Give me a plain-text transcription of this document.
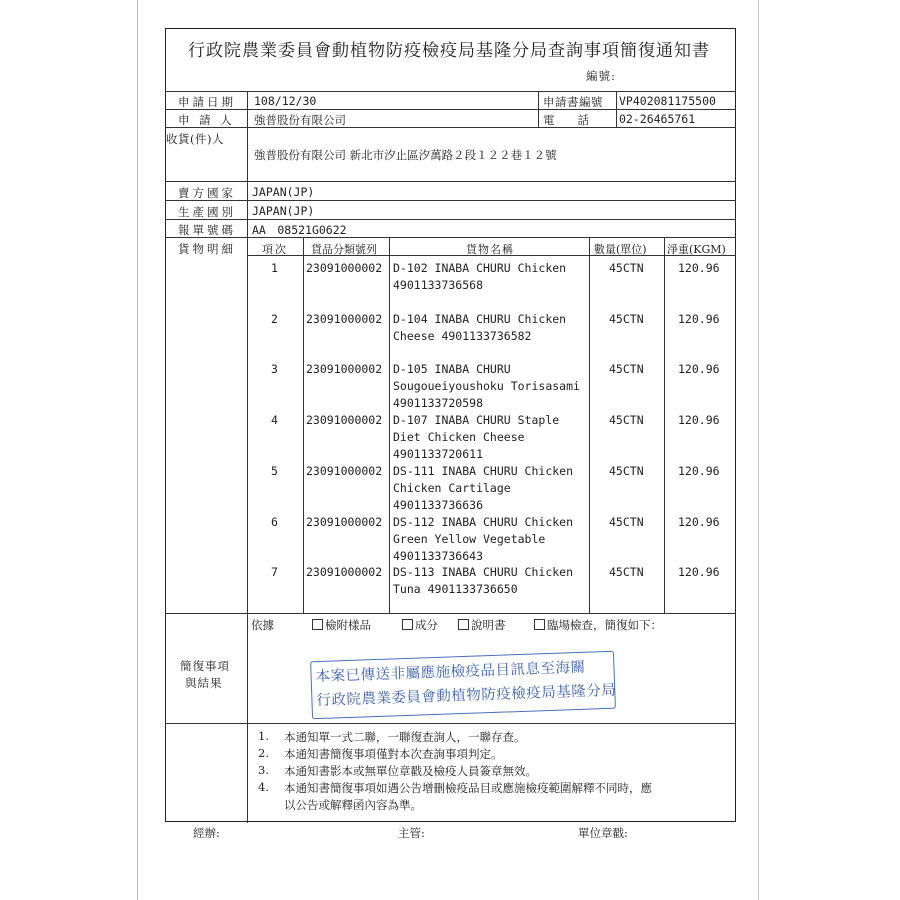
行政院農業委員會動植物防疫檢疫局基隆分局查詢事項簡復通知書
編號:
申請日期 108/12/30	申請書編號 VP402081175500
申 請 人 強普股份有限公司	電　　話	02-26465761
收貨(件)人
強普股份有限公司 新北市汐止區汐萬路２段１２２巷１２號
賣方國家 JAPAN(JP)
生產國別 JAPAN(JP)
報單號碼 AA　08521G0622
貨物明細 項次 貨品分類號列	貨物名稱	數量(單位) 淨重(KGM)
1 23091000002 D-102 INABA CHURU Chicken
4901133736568
45CTN	120.96
2 23091000002 D-104 INABA CHURU Chicken
Cheese 4901133736582
45CTN	120.96
3 23091000002 D-105 INABA CHURU
Sougoueiyoushoku Torisasami
4901133720598
45CTN	120.96
4 23091000002 D-107 INABA CHURU Staple
Diet Chicken Cheese
4901133720611
45CTN	120.96
5 23091000002 DS-111 INABA CHURU Chicken
Chicken Cartilage
4901133736636
45CTN	120.96
6 23091000002 DS-112 INABA CHURU Chicken
Green Yellow Vegetable
4901133736643
45CTN	120.96
7 23091000002 DS-113 INABA CHURU Chicken
Tuna 4901133736650
45CTN	120.96
依據	檢附樣品	成分	說明書	臨場檢查，簡復如下：
簡復事項
與結果	本案已傳送非屬應施檢疫品目訊息至海關
行政院農業委員會動植物防疫檢疫局基隆分局
1. 本通知單一式二聯，一聯復查詢人，一聯存查。
2. 本通知書簡復事項僅對本次查詢事項判定。
3. 本通知書影本或無單位章戳及檢疫人員簽章無效。
4. 本通知書簡復事項如遇公告增刪檢疫品目或應施檢疫範圍解釋不同時，應
以公告或解釋函內容為準。
經辦:	主管:	單位章戳:
